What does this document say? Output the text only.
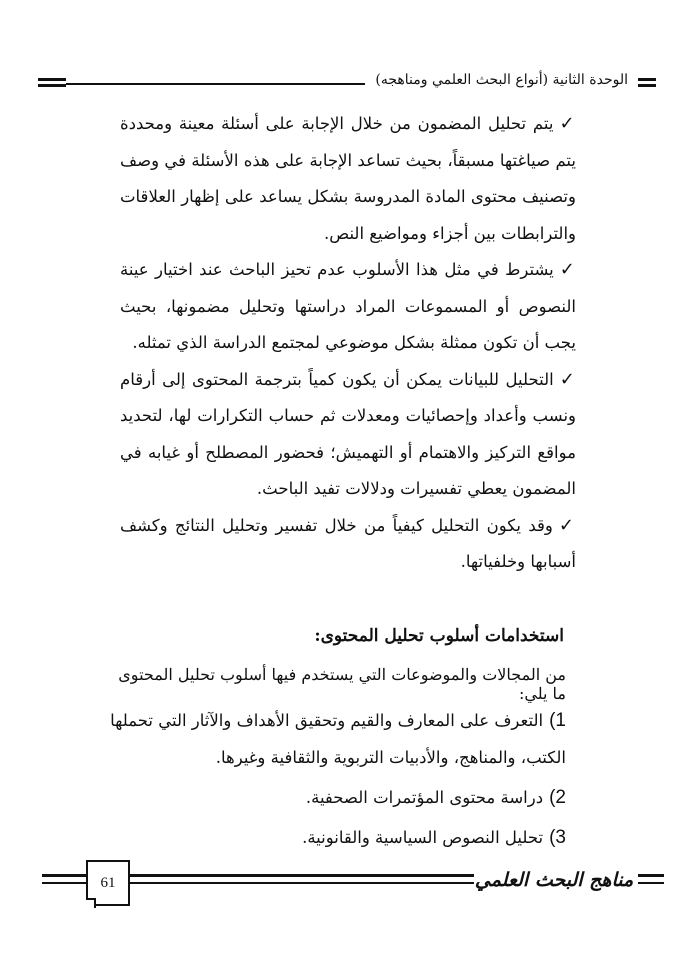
الوحدة الثانية (أنواع البحث العلمي ومناهجه)

✓يتم تحليل المضمون من خلال الإجابة على أسئلة معينة ومحددة يتم صياغتها مسبقاً، بحيث تساعد الإجابة على هذه الأسئلة في وصف وتصنيف محتوى المادة المدروسة بشكل يساعد على إظهار العلاقات والترابطات بين أجزاء ومواضيع النص.

✓يشترط في مثل هذا الأسلوب عدم تحيز الباحث عند اختيار عينة النصوص أو المسموعات المراد دراستها وتحليل مضمونها، بحيث يجب أن تكون ممثلة بشكل موضوعي لمجتمع الدراسة الذي تمثله.

✓التحليل للبيانات يمكن أن يكون كمياً بترجمة المحتوى إلى أرقام ونسب وأعداد وإحصائيات ومعدلات ثم حساب التكرارات لها، لتحديد مواقع التركيز والاهتمام أو التهميش؛ فحضور المصطلح أو غيابه في المضمون يعطي تفسيرات ودلالات تفيد الباحث.

✓وقد يكون التحليل كيفياً من خلال تفسير وتحليل النتائج وكشف أسبابها وخلفياتها.

استخدامات أسلوب تحليل المحتوى:
من المجالات والموضوعات التي يستخدم فيها أسلوب تحليل المحتوى ما يلي:
1)التعرف على المعارف والقيم وتحقيق الأهداف والآثار التي تحملها الكتب، والمناهج، والأدبيات التربوية والثقافية وغيرها.
2)دراسة محتوى المؤتمرات الصحفية.
3)تحليل النصوص السياسية والقانونية.
61	مناهج البحث العلمي
